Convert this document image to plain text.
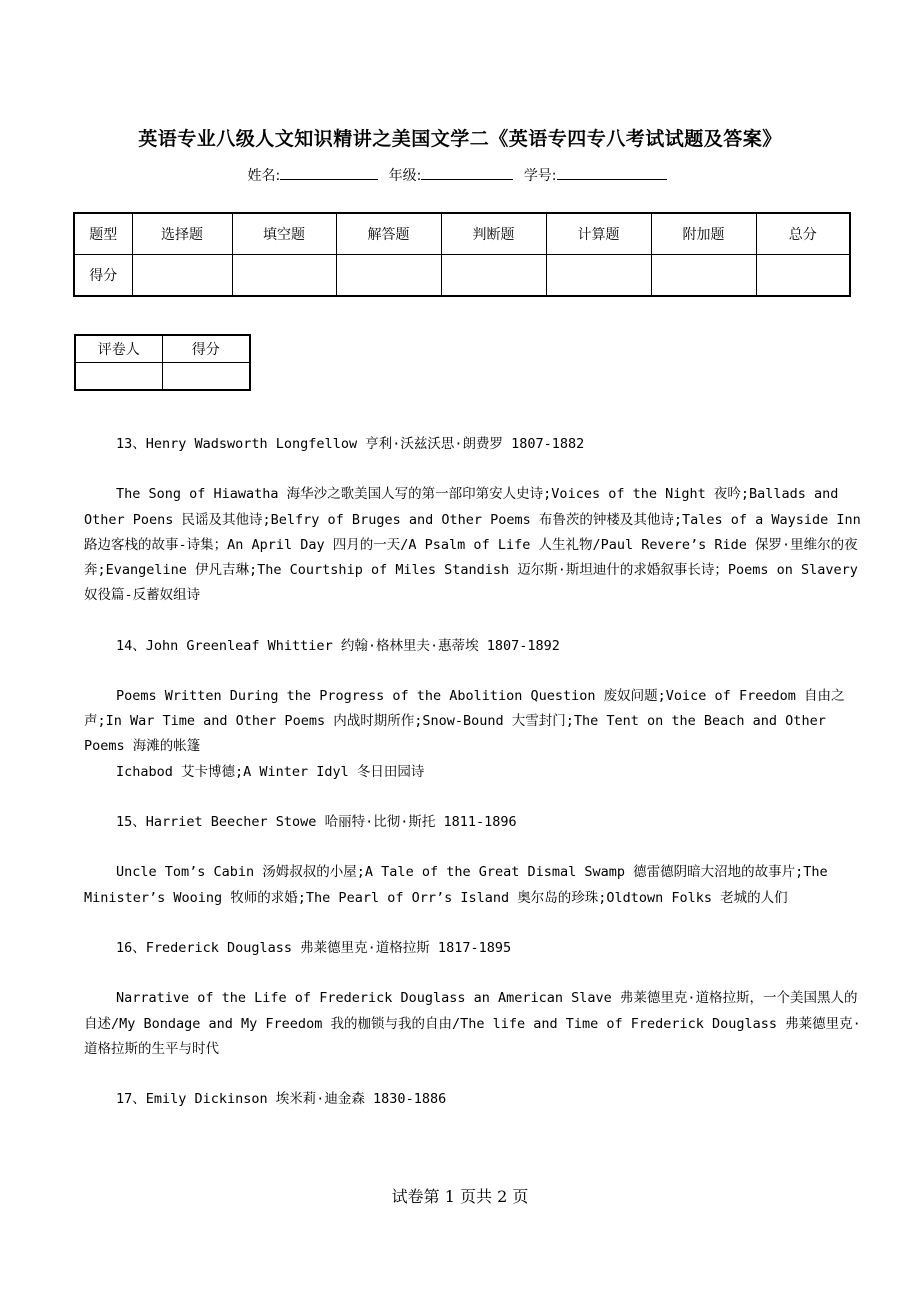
英语专业八级人文知识精讲之美国文学二《英语专四专八考试试题及答案》
姓名:	年级:	学号:
题型	选择题	填空题	解答题	判断题	计算题	附加题	总分
得分							
评卷人	得分

13、Henry Wadsworth Longfellow 亨利·沃兹沃思·朗费罗 1807-1882

The Song of Hiawatha 海华沙之歌美国人写的第一部印第安人史诗;Voices of the Night 夜吟;Ballads and Other Poens 民谣及其他诗;Belfry of Bruges and Other Poems 布鲁茨的钟楼及其他诗;Tales of a Wayside Inn 路边客栈的故事-诗集；An April Day 四月的一天/A Psalm of Life 人生礼物/Paul Revere’s Ride 保罗·里维尔的夜奔;Evangeline 伊凡吉琳;The Courtship of Miles Standish 迈尔斯·斯坦迪什的求婚叙事长诗；Poems on Slavery 奴役篇-反蓄奴组诗

14、John Greenleaf Whittier 约翰·格林里夫·惠蒂埃 1807-1892

Poems Written During the Progress of the Abolition Question 废奴问题;Voice of Freedom 自由之声;In War Time and Other Poems 内战时期所作;Snow-Bound 大雪封门;The Tent on the Beach and Other Poems 海滩的帐篷

Ichabod 艾卡博德;A Winter Idyl 冬日田园诗

15、Harriet Beecher Stowe 哈丽特·比彻·斯托 1811-1896

Uncle Tom’s Cabin 汤姆叔叔的小屋;A Tale of the Great Dismal Swamp 德雷德阴暗大沼地的故事片;The Minister’s Wooing 牧师的求婚;The Pearl of Orr’s Island 奥尔岛的珍珠;Oldtown Folks 老城的人们

16、Frederick Douglass 弗莱德里克·道格拉斯 1817-1895

Narrative of the Life of Frederick Douglass an American Slave 弗莱德里克·道格拉斯，一个美国黑人的自述/My Bondage and My Freedom 我的枷锁与我的自由/The life and Time of Frederick Douglass 弗莱德里克·道格拉斯的生平与时代

17、Emily Dickinson 埃米莉·迪金森 1830-1886

试卷第 1 页共 2 页
